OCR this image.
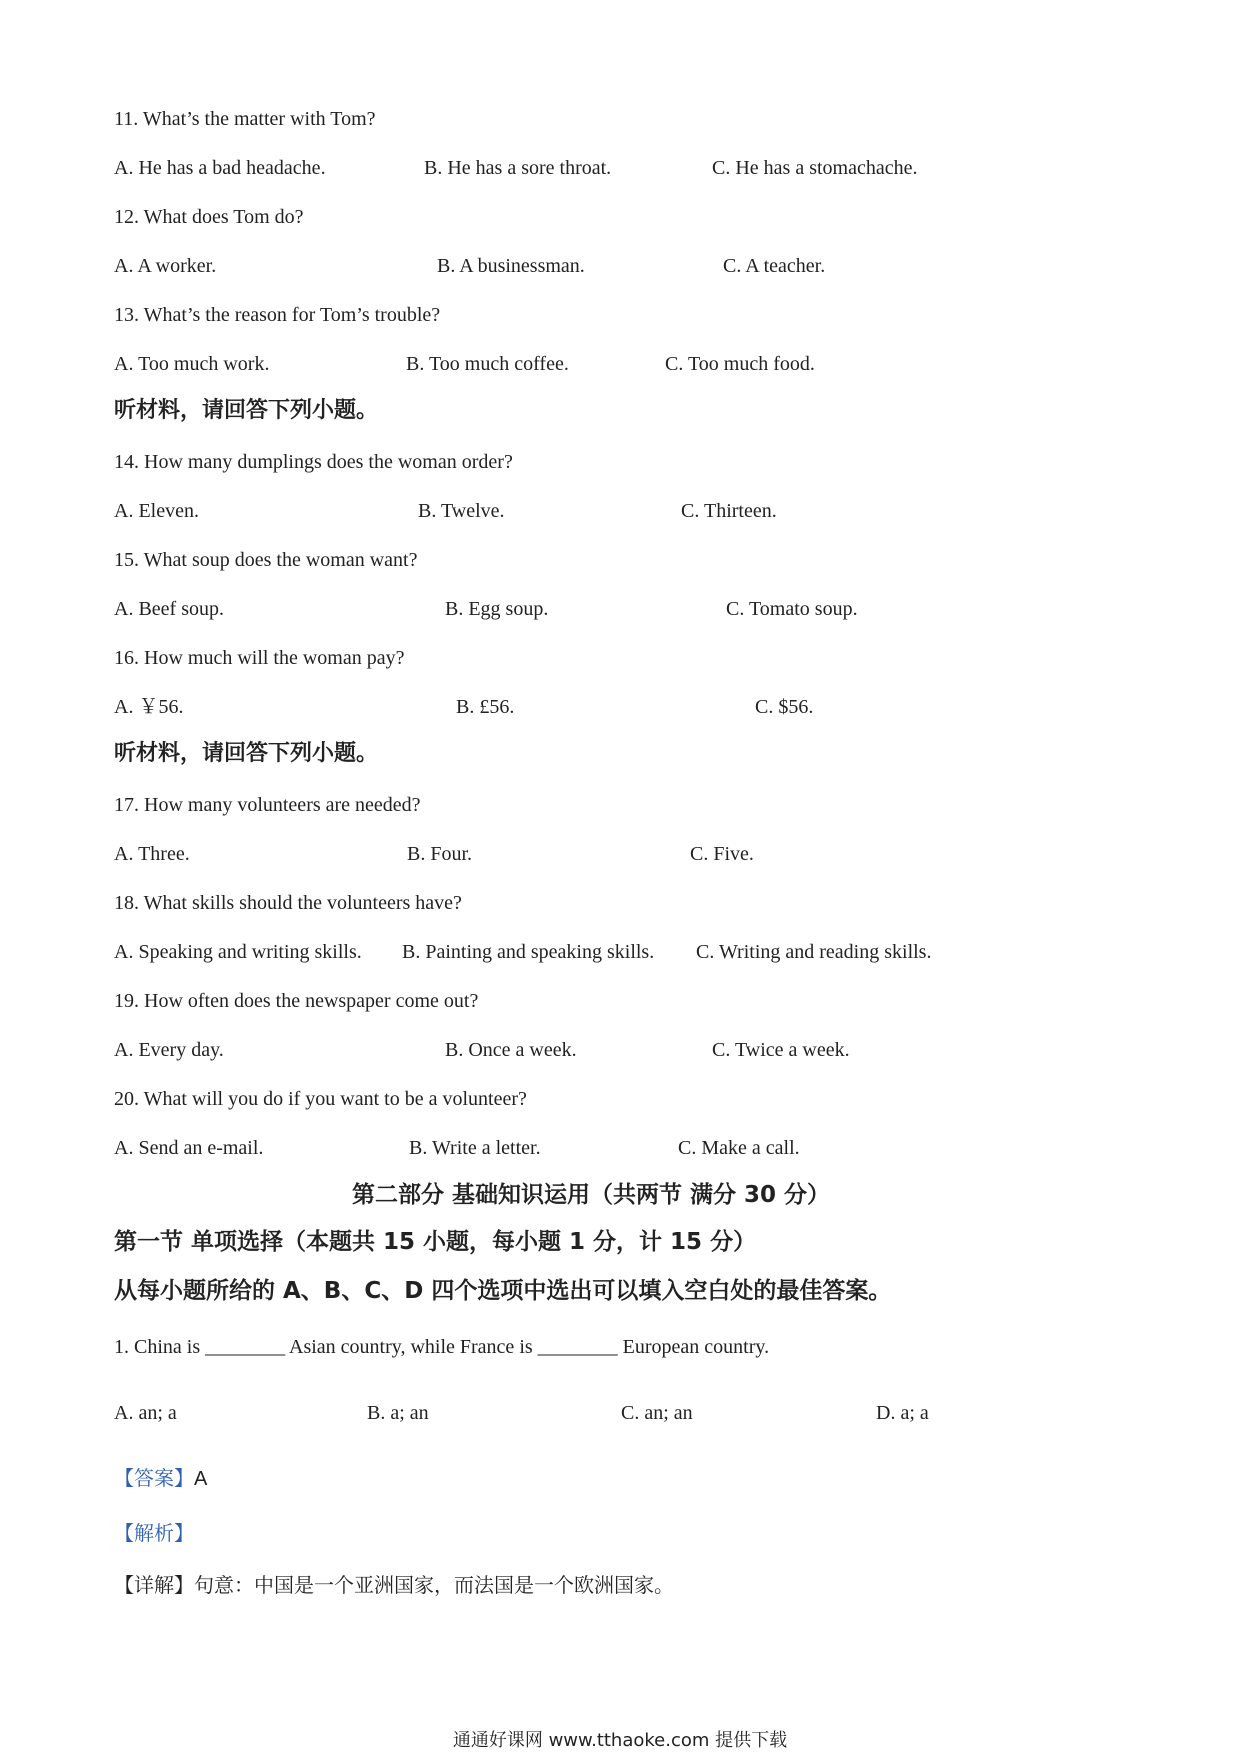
11. What’s the matter with Tom?

A. He has a bad headache.	B. He has a sore throat.	C. He has a stomachache.

12. What does Tom do?

A. A worker.	B. A businessman.	C. A teacher.

13. What’s the reason for Tom’s trouble?

A. Too much work.	B. Too much coffee.	C. Too much food.

听材料，请回答下列小题。

14. How many dumplings does the woman order?

A. Eleven.	B. Twelve.	C. Thirteen.

15. What soup does the woman want?

A. Beef soup.	B. Egg soup.	C. Tomato soup.

16. How much will the woman pay?

A. ￥56.	B. £56.	C. $56.

听材料，请回答下列小题。

17. How many volunteers are needed?

A. Three.	B. Four.	C. Five.

18. What skills should the volunteers have?

A. Speaking and writing skills. B. Painting and speaking skills. C. Writing and reading skills.

19. How often does the newspaper come out?

A. Every day.	B. Once a week.	C. Twice a week.

20. What will you do if you want to be a volunteer?

A. Send an e-mail.	B. Write a letter.	C. Make a call.

第二部分 基础知识运用（共两节 满分 30 分）

第一节 单项选择（本题共 15 小题，每小题 1 分，计 15 分）

从每小题所给的 A、B、C、D 四个选项中选出可以填入空白处的最佳答案。

1. China is ________ Asian country, while France is ________ European country.

A. an; a	B. a; an	C. an; an	D. a; a

【答案】A

【解析】

【详解】句意：中国是一个亚洲国家，而法国是一个欧洲国家。

通通好课网 www.tthaoke.com 提供下载
